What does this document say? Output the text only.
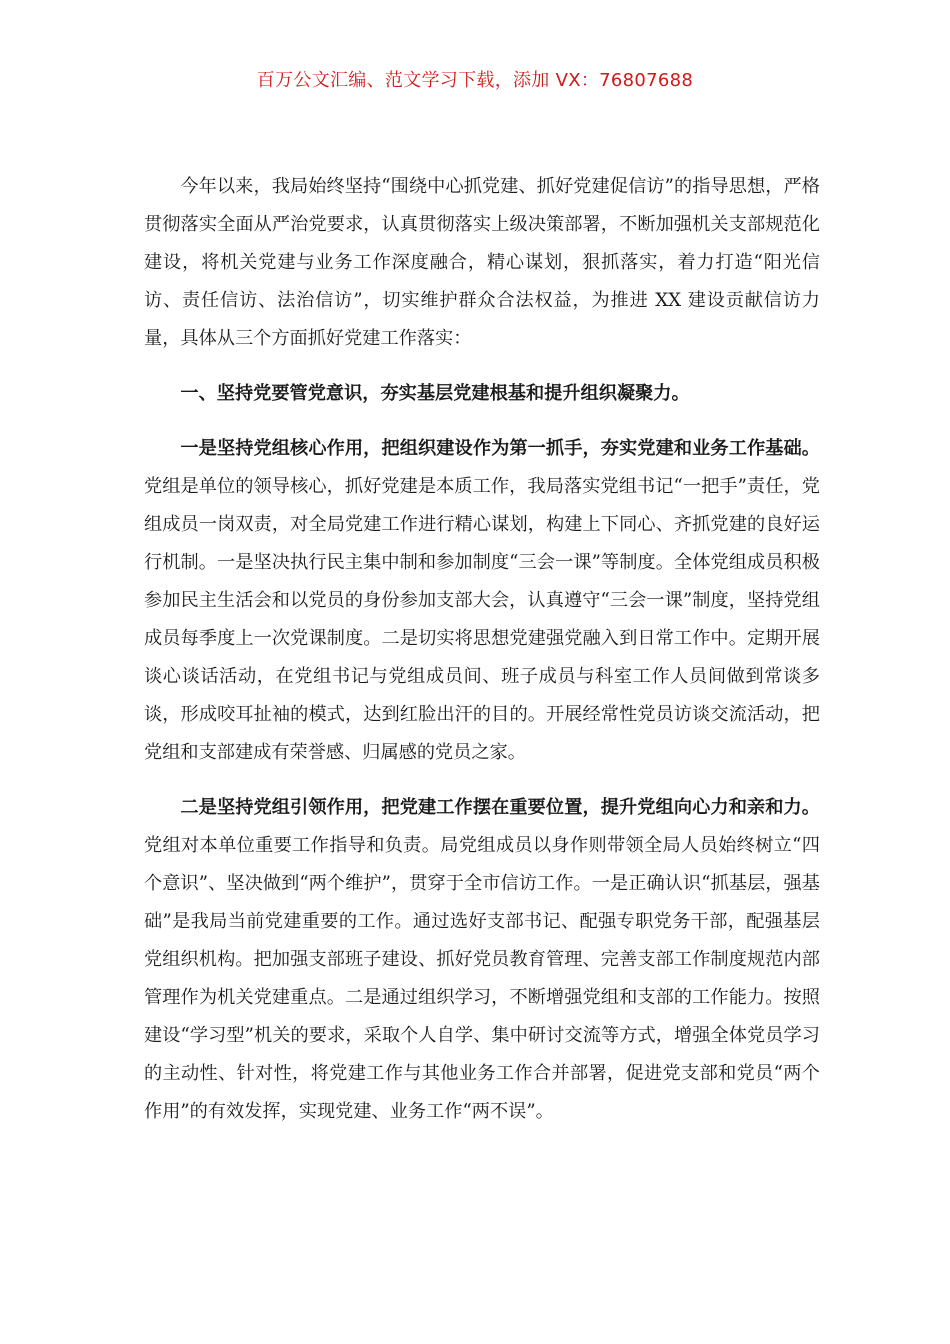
百万公文汇编、范文学习下载，添加 VX：76807688

今年以来，我局始终坚持“围绕中心抓党建、抓好党建促信访”的指导思想，严格贯彻落实全面从严治党要求，认真贯彻落实上级决策部署，不断加强机关支部规范化建设，将机关党建与业务工作深度融合，精心谋划，狠抓落实，着力打造“阳光信访、责任信访、法治信访”，切实维护群众合法权益，为推进 XX 建设贡献信访力量，具体从三个方面抓好党建工作落实：

一、坚持党要管党意识，夯实基层党建根基和提升组织凝聚力。

一是坚持党组核心作用，把组织建设作为第一抓手，夯实党建和业务工作基础。党组是单位的领导核心，抓好党建是本质工作，我局落实党组书记“一把手”责任，党组成员一岗双责，对全局党建工作进行精心谋划，构建上下同心、齐抓党建的良好运行机制。一是坚决执行民主集中制和参加制度“三会一课”等制度。全体党组成员积极参加民主生活会和以党员的身份参加支部大会，认真遵守“三会一课”制度，坚持党组成员每季度上一次党课制度。二是切实将思想党建强党融入到日常工作中。定期开展谈心谈话活动，在党组书记与党组成员间、班子成员与科室工作人员间做到常谈多谈，形成咬耳扯袖的模式，达到红脸出汗的目的。开展经常性党员访谈交流活动，把党组和支部建成有荣誉感、归属感的党员之家。

二是坚持党组引领作用，把党建工作摆在重要位置，提升党组向心力和亲和力。党组对本单位重要工作指导和负责。局党组成员以身作则带领全局人员始终树立“四个意识”、坚决做到“两个维护”，贯穿于全市信访工作。一是正确认识“抓基层，强基础”是我局当前党建重要的工作。通过选好支部书记、配强专职党务干部，配强基层党组织机构。把加强支部班子建设、抓好党员教育管理、完善支部工作制度规范内部管理作为机关党建重点。二是通过组织学习，不断增强党组和支部的工作能力。按照建设“学习型”机关的要求，采取个人自学、集中研讨交流等方式，增强全体党员学习的主动性、针对性，将党建工作与其他业务工作合并部署，促进党支部和党员“两个作用”的有效发挥，实现党建、业务工作“两不误”。
